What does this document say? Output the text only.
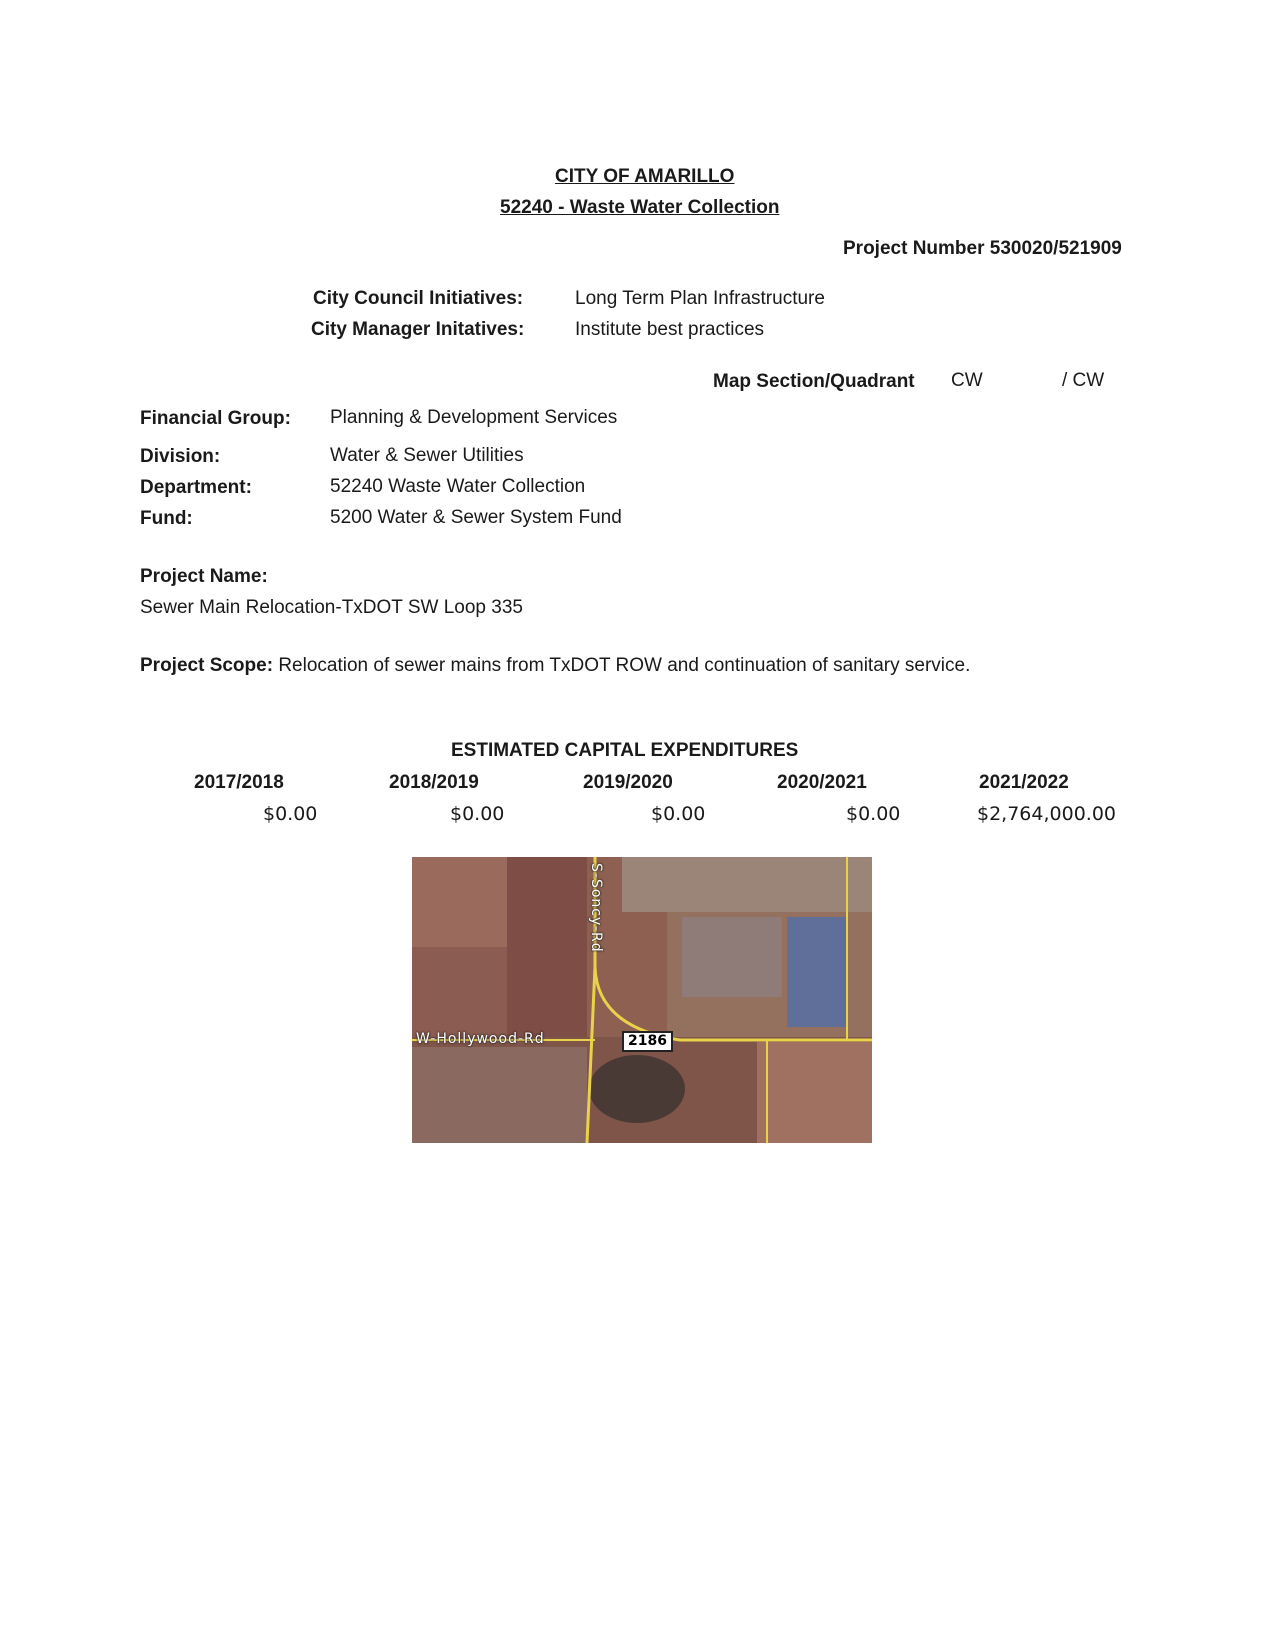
CITY OF AMARILLO
52240 - Waste Water Collection
Project Number 530020/521909
City Council Initiatives:	Long Term Plan Infrastructure
City Manager Initatives:	Institute best practices
Map Section/Quadrant CW	/ CW
Financial Group: Planning & Development Services
Division:	Water & Sewer Utilities
Department:	52240 Waste Water Collection
Fund:	5200 Water & Sewer System Fund
Project Name:
Sewer Main Relocation-TxDOT SW Loop 335
Project Scope: Relocation of sewer mains from TxDOT ROW and continuation of sanitary service.
ESTIMATED CAPITAL EXPENDITURES
2017/2018	2018/2019	2019/2020	2020/2021	2021/2022
$0.00	$0.00	$0.00	$0.00	$2,764,000.00
S-Soncy-Rd
W-Hollywood-Rd	2186
